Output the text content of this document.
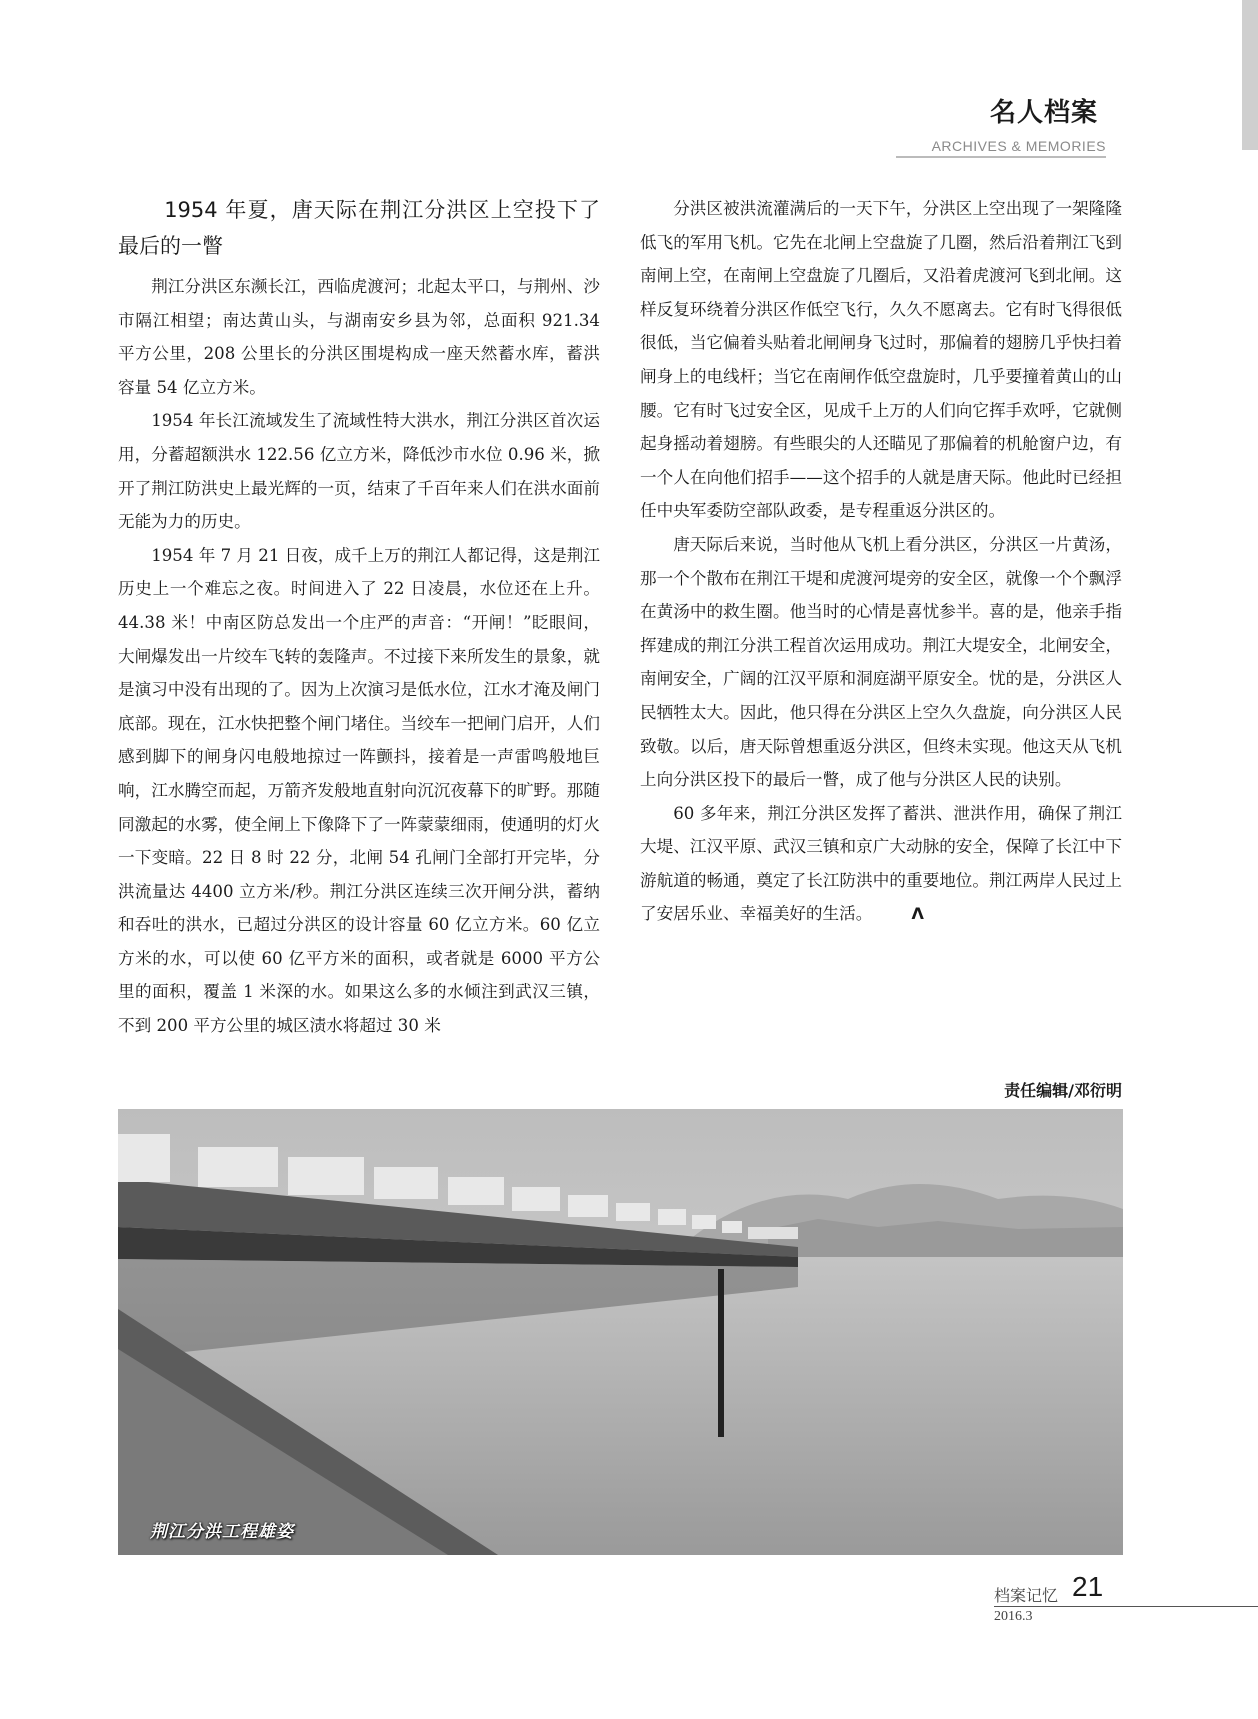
名人档案
ARCHIVES & MEMORIES
1954 年夏，唐天际在荆江分洪区上空投下了最后的一瞥

荆江分洪区东濒长江，西临虎渡河；北起太平口，与荆州、沙市隔江相望；南达黄山头，与湖南安乡县为邻，总面积 921.34 平方公里，208 公里长的分洪区围堤构成一座天然蓄水库，蓄洪容量 54 亿立方米。

1954 年长江流域发生了流域性特大洪水，荆江分洪区首次运用，分蓄超额洪水 122.56 亿立方米，降低沙市水位 0.96 米，掀开了荆江防洪史上最光辉的一页，结束了千百年来人们在洪水面前无能为力的历史。

1954 年 7 月 21 日夜，成千上万的荆江人都记得，这是荆江历史上一个难忘之夜。时间进入了 22 日凌晨，水位还在上升。44.38 米！中南区防总发出一个庄严的声音：“开闸！”眨眼间，大闸爆发出一片绞车飞转的轰隆声。不过接下来所发生的景象，就是演习中没有出现的了。因为上次演习是低水位，江水才淹及闸门底部。现在，江水快把整个闸门堵住。当绞车一把闸门启开，人们感到脚下的闸身闪电般地掠过一阵颤抖，接着是一声雷鸣般地巨响，江水腾空而起，万箭齐发般地直射向沉沉夜幕下的旷野。那随同激起的水雾，使全闸上下像降下了一阵蒙蒙细雨，使通明的灯火一下变暗。22 日 8 时 22 分，北闸 54 孔闸门全部打开完毕，分洪流量达 4400 立方米/秒。荆江分洪区连续三次开闸分洪，蓄纳和吞吐的洪水，已超过分洪区的设计容量 60 亿立方米。60 亿立方米的水，可以使 60 亿平方米的面积，或者就是 6000 平方公里的面积，覆盖 1 米深的水。如果这么多的水倾注到武汉三镇，不到 200 平方公里的城区渍水将超过 30 米

分洪区被洪流灌满后的一天下午，分洪区上空出现了一架隆隆低飞的军用飞机。它先在北闸上空盘旋了几圈，然后沿着荆江飞到南闸上空，在南闸上空盘旋了几圈后，又沿着虎渡河飞到北闸。这样反复环绕着分洪区作低空飞行，久久不愿离去。它有时飞得很低很低，当它偏着头贴着北闸闸身飞过时，那偏着的翅膀几乎快扫着闸身上的电线杆；当它在南闸作低空盘旋时，几乎要撞着黄山的山腰。它有时飞过安全区，见成千上万的人们向它挥手欢呼，它就侧起身摇动着翅膀。有些眼尖的人还瞄见了那偏着的机舱窗户边，有一个人在向他们招手——这个招手的人就是唐天际。他此时已经担任中央军委防空部队政委，是专程重返分洪区的。

唐天际后来说，当时他从飞机上看分洪区，分洪区一片黄汤，那一个个散布在荆江干堤和虎渡河堤旁的安全区，就像一个个飘浮在黄汤中的救生圈。他当时的心情是喜忧参半。喜的是，他亲手指挥建成的荆江分洪工程首次运用成功。荆江大堤安全，北闸安全，南闸安全，广阔的江汉平原和洞庭湖平原安全。忧的是，分洪区人民牺牲太大。因此，他只得在分洪区上空久久盘旋，向分洪区人民致敬。以后，唐天际曾想重返分洪区，但终未实现。他这天从飞机上向分洪区投下的最后一瞥，成了他与分洪区人民的诀别。

60 多年来，荆江分洪区发挥了蓄洪、泄洪作用，确保了荆江大堤、江汉平原、武汉三镇和京广大动脉的安全，保障了长江中下游航道的畅通，奠定了长江防洪中的重要地位。荆江两岸人民过上了安居乐业、幸福美好的生活。 Λ

责任编辑/邓衍明
荆江分洪工程雄姿
档案记忆 21
2016.3
